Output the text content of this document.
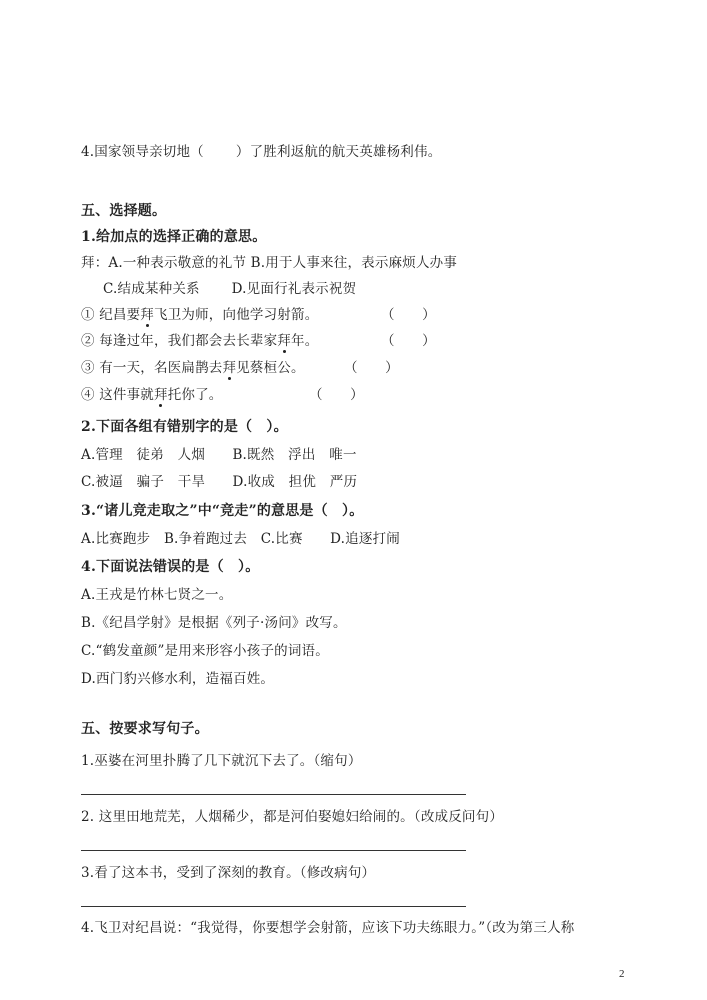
4.国家领导亲切地（ ）了胜利返航的航天英雄杨利伟。
五、选择题。
1.给加点的选择正确的意思。
拜：A.一种表示敬意的礼节 B.用于人事来往，表示麻烦人办事
C.结成某种关系　　 D.见面行礼表示祝贺
① 纪昌要拜飞卫为师，向他学习射箭。	（　　）
② 每逢过年，我们都会去长辈家拜年。	（　　）
③ 有一天，名医扁鹊去拜见蔡桓公。	（　　）
④ 这件事就拜托你了。	（　　）
2.下面各组有错别字的是（　）。
A.管理　徒弟　人烟　　B.既然　浮出　唯一
C.被逼　骗子　干旱　　D.收成　担优　严历
3.“诸儿竞走取之”中“竞走”的意思是（　）。
A.比赛跑步　B.争着跑过去　C.比赛　　D.追逐打闹
4.下面说法错误的是（　）。
A.王戎是竹林七贤之一。
B.《纪昌学射》是根据《列子·汤问》改写。
C.“鹤发童颜”是用来形容小孩子的词语。
D.西门豹兴修水利，造福百姓。
五、按要求写句子。
1.巫婆在河里扑腾了几下就沉下去了。（缩句）
2. 这里田地荒芜，人烟稀少，都是河伯娶媳妇给闹的。（改成反问句）
3.看了这本书，受到了深刻的教育。（修改病句）
4.飞卫对纪昌说：“我觉得，你要想学会射箭，应该下功夫练眼力。”（改为第三人称
2
